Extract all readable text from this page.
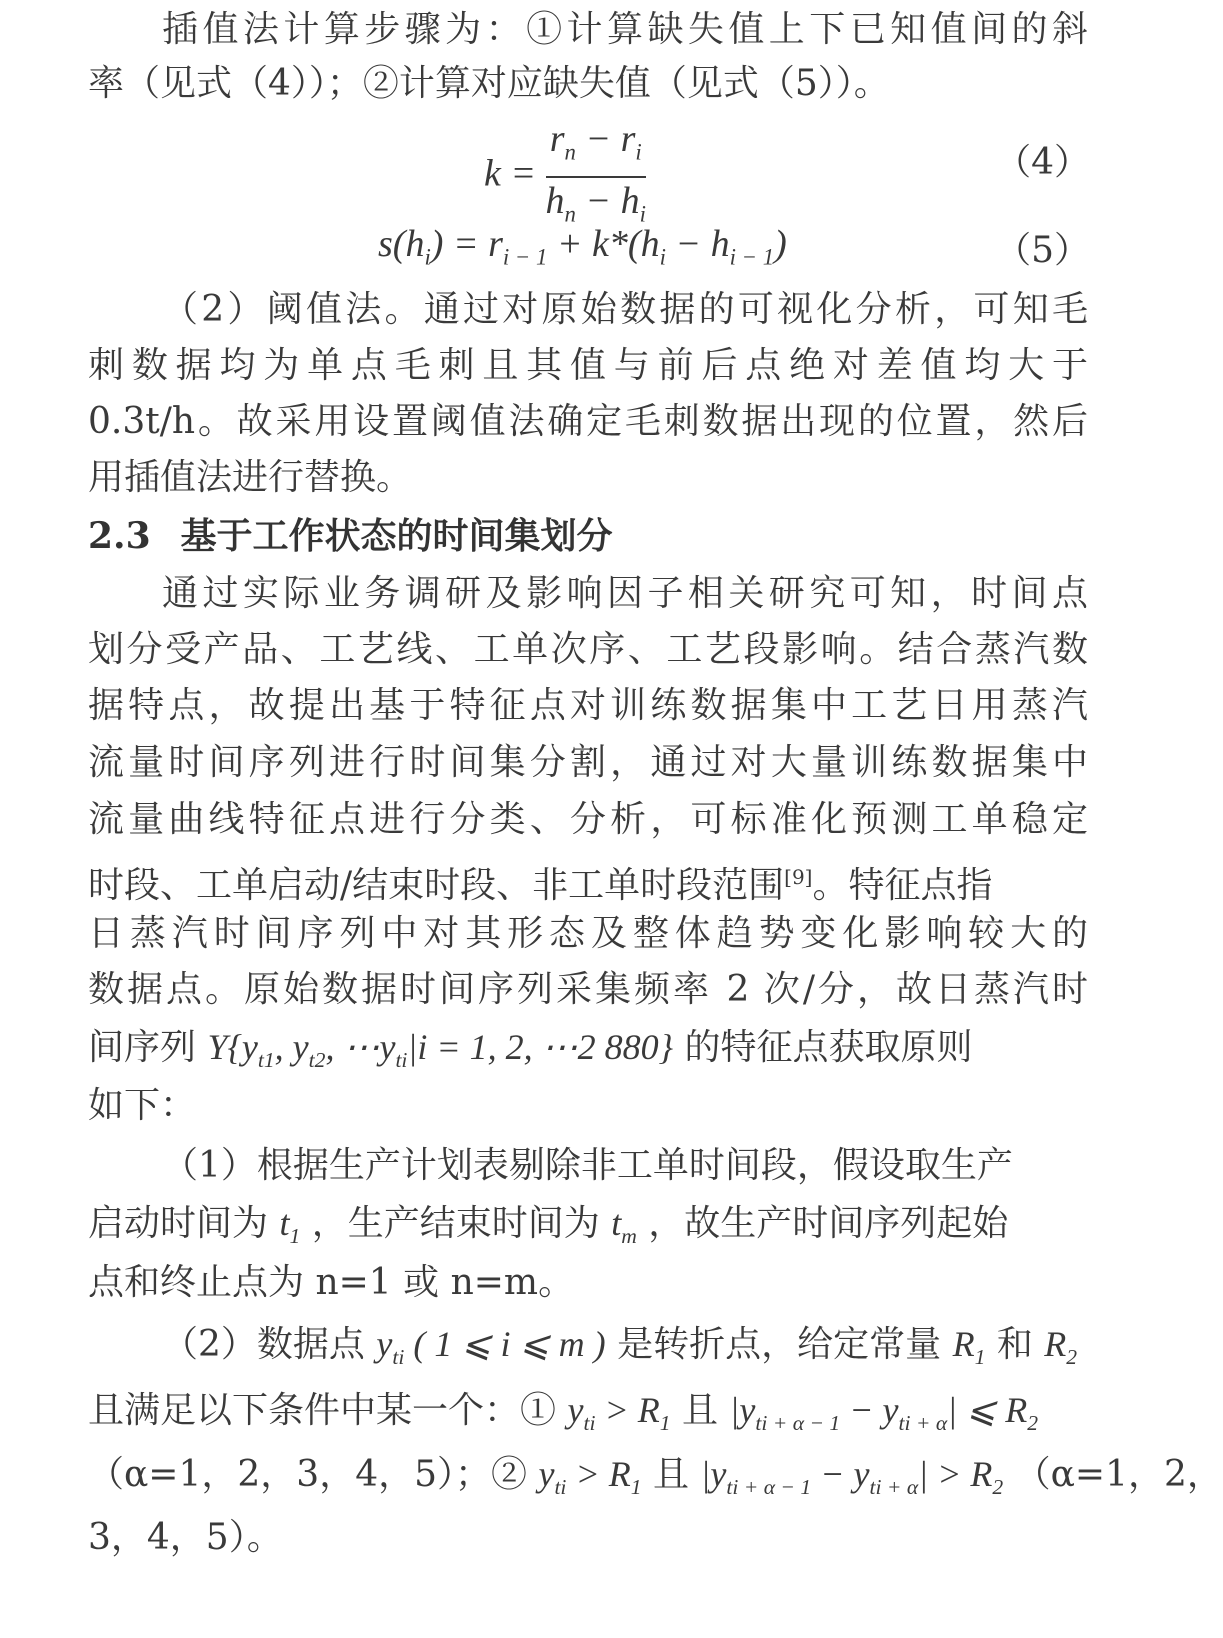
插值法计算步骤为：①计算缺失值上下已知值间的斜
率（见式（4））；②计算对应缺失值（见式（5））。
$k = \frac{r_n - r_i}{h_n - h_i}$	（4）
$s(h_i) = r_{i - 1} + k*(h_i - h_{i - 1})$	（5）
（2）阈值法。通过对原始数据的可视化分析，可知毛
刺数据均为单点毛刺且其值与前后点绝对差值均大于
0.3t/h。故采用设置阈值法确定毛刺数据出现的位置，然后
用插值法进行替换。
2.3 基于工作状态的时间集划分
通过实际业务调研及影响因子相关研究可知，时间点
划分受产品、工艺线、工单次序、工艺段影响。结合蒸汽数
据特点，故提出基于特征点对训练数据集中工艺日用蒸汽
流量时间序列进行时间集分割，通过对大量训练数据集中
流量曲线特征点进行分类、分析，可标准化预测工单稳定
时段、工单启动/结束时段、非工单时段范围[9]。特征点指
日蒸汽时间序列中对其形态及整体趋势变化影响较大的
数据点。原始数据时间序列采集频率 2 次/分，故日蒸汽时
间序列 $Y\{y_{t1}$, $y_{t2}$, $\cdots y_{ti}|i = 1$, 2, ⋯2 880} 的特征点获取原则
如下：
（1）根据生产计划表剔除非工单时间段，假设取生产
启动时间为 $t_1$ ，生产结束时间为 $t_m$ ，故生产时间序列起始
点和终止点为 n=1 或 n=m。
（2）数据点 $y_{ti}$ ( 1 ⩽ i ⩽ m ) 是转折点，给定常量 $R_1$ 和 $R_2$
且满足以下条件中某一个：① $y_{ti} > R_1$ 且 $|y_{ti + \alpha - 1} - y_{ti + \alpha}|$ ⩽ $R_2$
（α=1，2，3，4，5）；② $y_{ti} > R_1$ 且 $|y_{ti + \alpha - 1} - y_{ti + \alpha}| > R_2$ （α=1，2，
3，4，5）。
